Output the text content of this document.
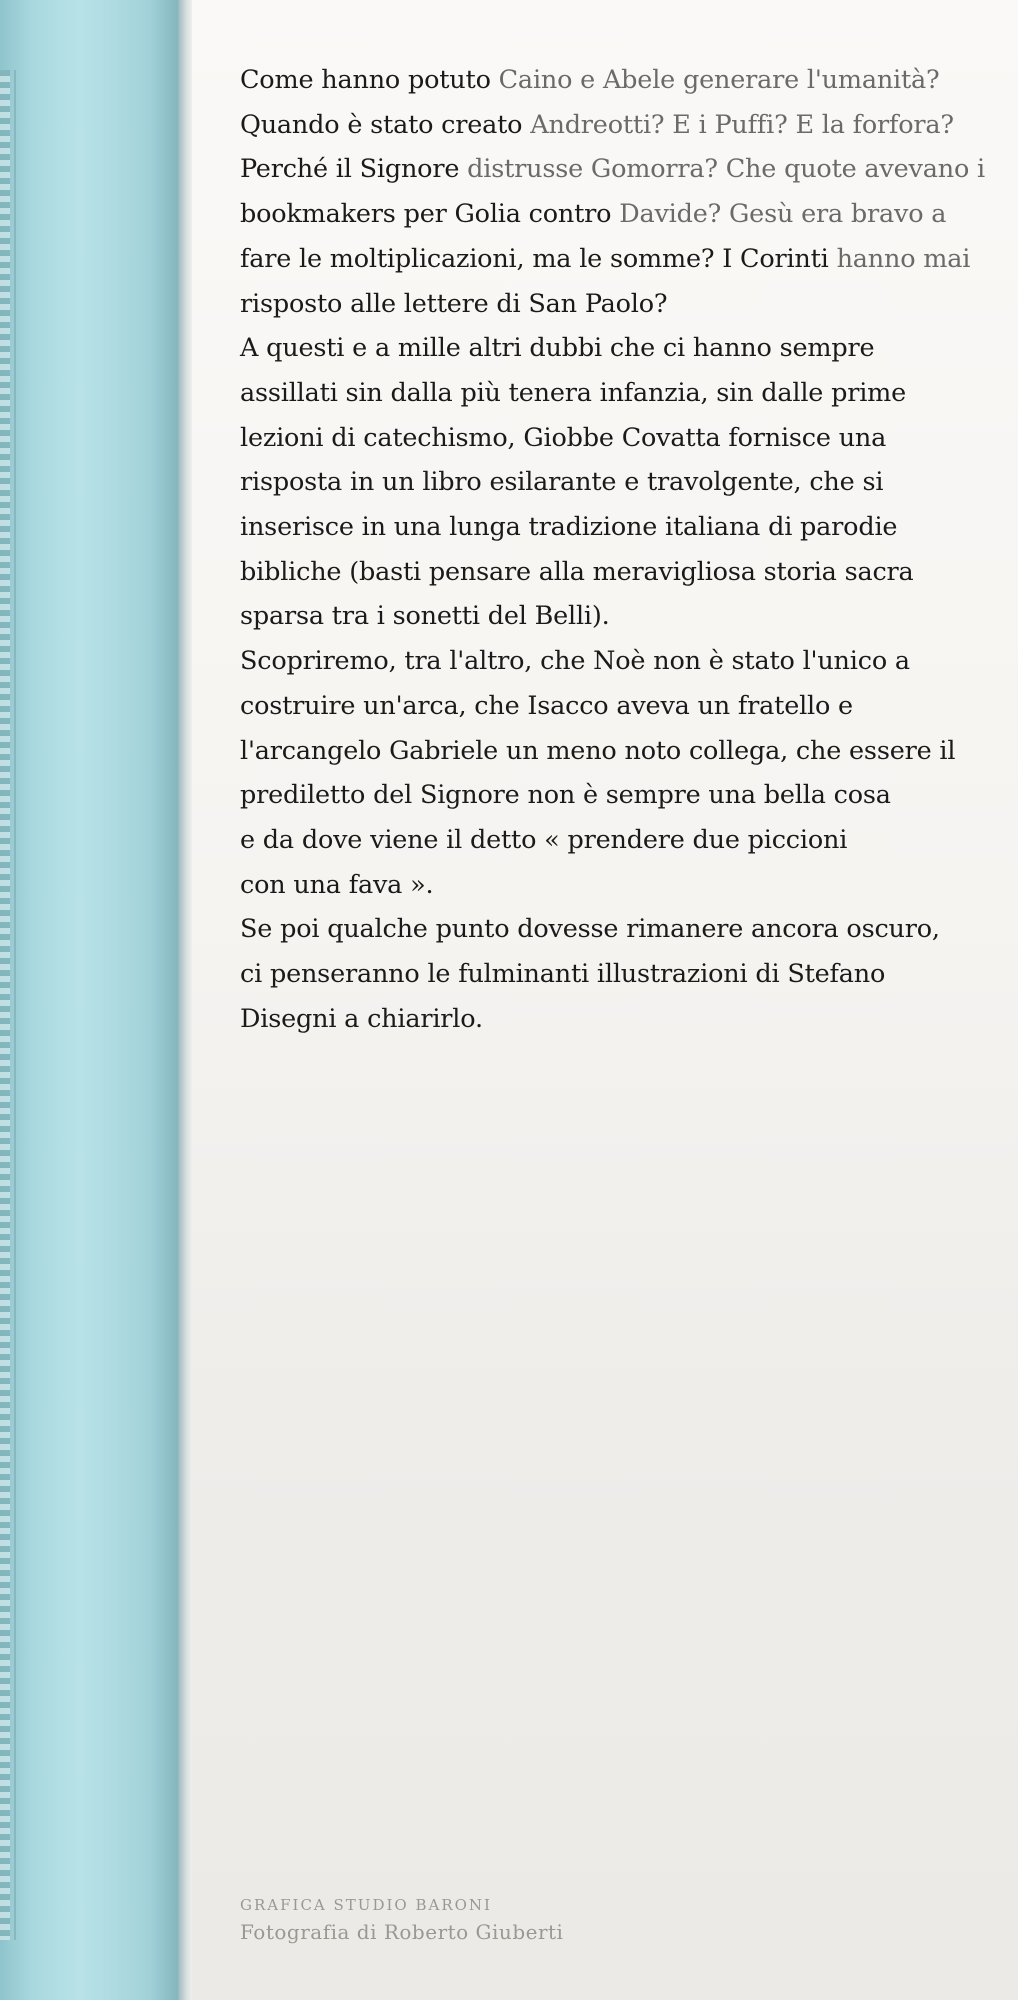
Come hanno potuto Caino e Abele generare l'umanità?
Quando è stato creato Andreotti? E i Puffi? E la forfora?
Perché il Signore distrusse Gomorra? Che quote avevano i
bookmakers per Golia contro Davide? Gesù era bravo a
fare le moltiplicazioni, ma le somme? I Corinti hanno mai
risposto alle lettere di San Paolo?
A questi e a mille altri dubbi che ci hanno sempre
assillati sin dalla più tenera infanzia, sin dalle prime
lezioni di catechismo, Giobbe Covatta fornisce una
risposta in un libro esilarante e travolgente, che si
inserisce in una lunga tradizione italiana di parodie
bibliche (basti pensare alla meravigliosa storia sacra
sparsa tra i sonetti del Belli).
Scopriremo, tra l'altro, che Noè non è stato l'unico a
costruire un'arca, che Isacco aveva un fratello e
l'arcangelo Gabriele un meno noto collega, che essere il
prediletto del Signore non è sempre una bella cosa
e da dove viene il detto « prendere due piccioni
con una fava ».
Se poi qualche punto dovesse rimanere ancora oscuro,
ci penseranno le fulminanti illustrazioni di Stefano
Disegni a chiarirlo.
GRAFICA STUDIO BARONI
Fotografia di Roberto Giuberti
